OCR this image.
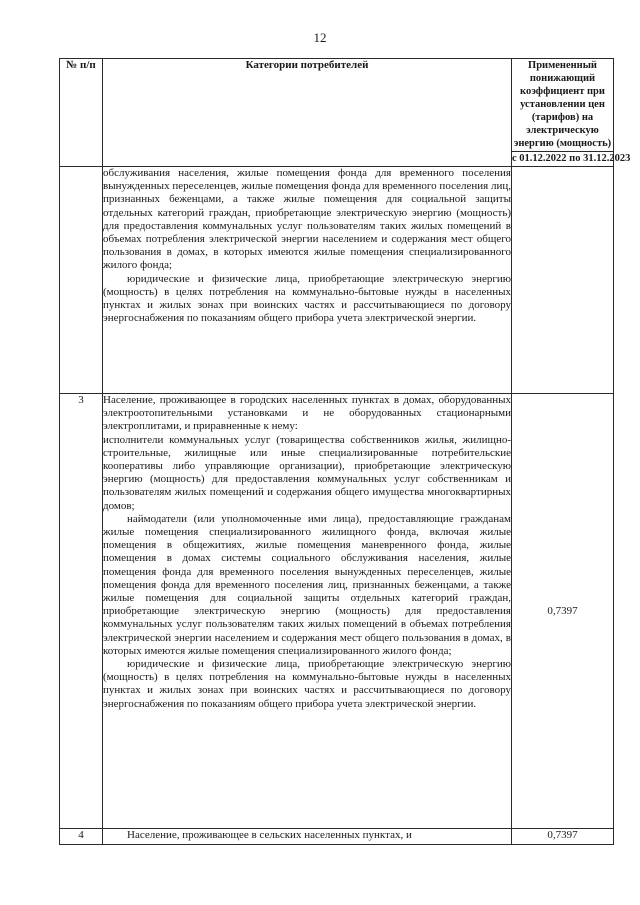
12
№ п/п	Категории потребителей	Примененный понижающий коэффициент при установлении цен (тарифов) на электрическую энергию (мощность)
		с 01.12.2022 по 31.12.2023

	обслуживания населения, жилые помещения фонда для временного поселения вынужденных переселенцев, жилые помещения фонда для временного поселения лиц, признанных беженцами, а также жилые помещения для социальной защиты отдельных категорий граждан, приобретающие электрическую энергию (мощность) для предоставления коммунальных услуг пользователям таких жилых помещений в объемах потребления электрической энергии населением и содержания мест общего пользования в домах, в которых имеются жилые помещения специализированного жилого фонда;

юридические и физические лица, приобретающие электрическую энергию (мощность) в целях потребления на коммунально-бытовые нужды в населенных пунктах и жилых зонах при воинских частях и рассчитывающиеся по договору энергоснабжения по показаниям общего прибора учета электрической энергии.	

3	Население, проживающее в городских населенных пунктах в домах, оборудованных электроотопительными установками и не оборудованных стационарными электроплитами, и приравненные к нему:

исполнители коммунальных услуг (товарищества собственников жилья, жилищно-строительные, жилищные или иные специализированные потребительские кооперативы либо управляющие организации), приобретающие электрическую энергию (мощность) для предоставления коммунальных услуг собственникам и пользователям жилых помещений и содержания общего имущества многоквартирных домов;

наймодатели (или уполномоченные ими лица), предоставляющие гражданам жилые помещения специализированного жилищного фонда, включая жилые помещения в общежитиях, жилые помещения маневренного фонда, жилые помещения в домах системы социального обслуживания населения, жилые помещения фонда для временного поселения вынужденных переселенцев, жилые помещения фонда для временного поселения лиц, признанных беженцами, а также жилые помещения для социальной защиты отдельных категорий граждан, приобретающие электрическую энергию (мощность) для предоставления коммунальных услуг пользователям таких жилых помещений в объемах потребления электрической энергии населением и содержания мест общего пользования в домах, в которых имеются жилые помещения специализированного жилого фонда;

юридические и физические лица, приобретающие электрическую энергию (мощность) в целях потребления на коммунально-бытовые нужды в населенных пунктах и жилых зонах при воинских частях и рассчитывающиеся по договору энергоснабжения по показаниям общего прибора учета электрической энергии.	0,7397
4	Население, проживающее в сельских населенных пунктах, и	0,7397
